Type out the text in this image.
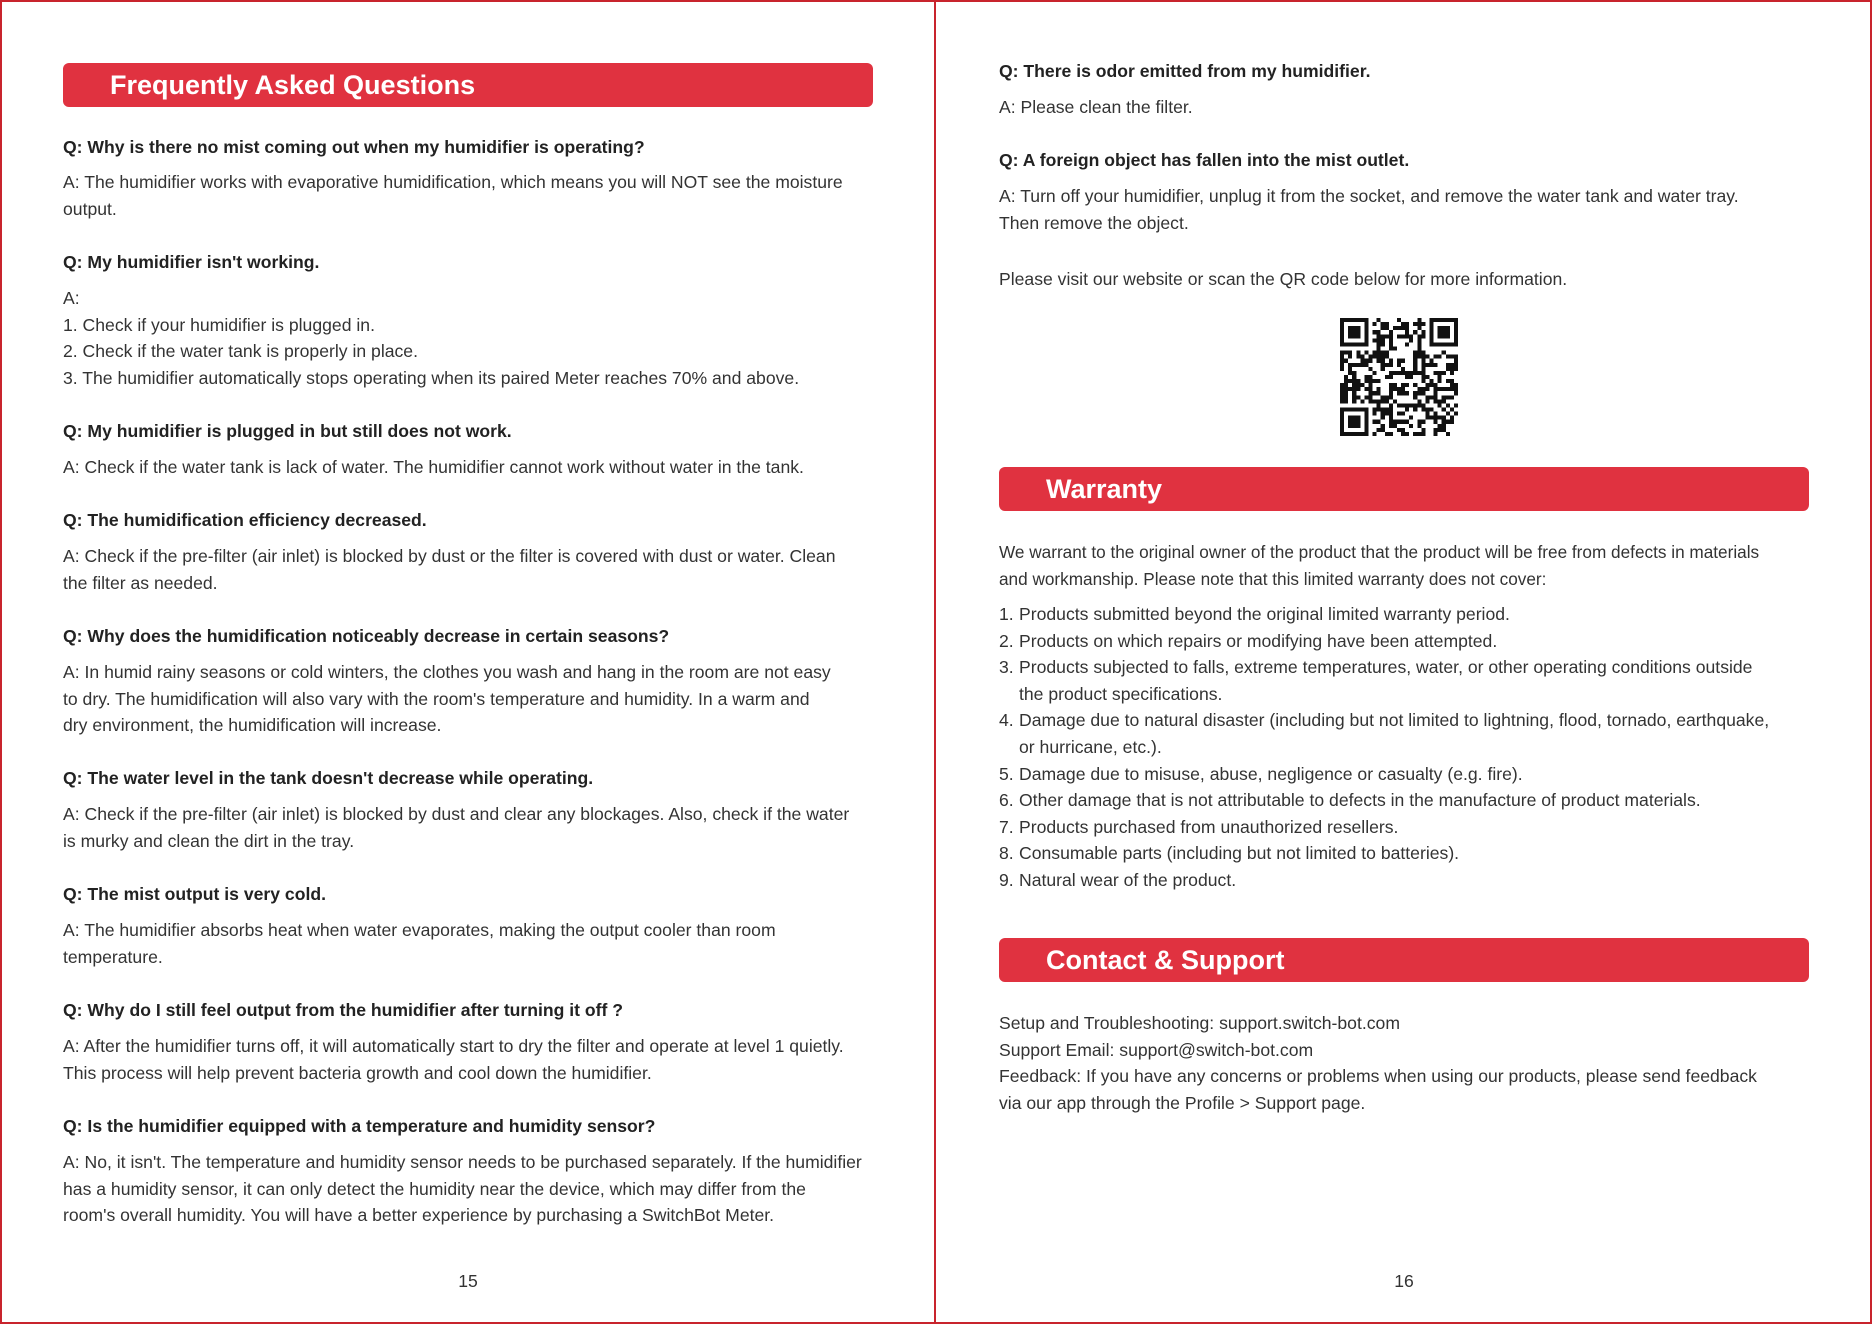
Frequently Asked Questions
Q: Why is there no mist coming out when my humidifier is operating?
A: The humidifier works with evaporative humidification, which means you will NOT see the moisture
output.
Q: My humidifier isn't working.
A:
1. Check if your humidifier is plugged in.
2. Check if the water tank is properly in place.
3. The humidifier automatically stops operating when its paired Meter reaches 70% and above.
Q: My humidifier is plugged in but still does not work.
A: Check if the water tank is lack of water. The humidifier cannot work without water in the tank.
Q: The humidification efficiency decreased.
A: Check if the pre-filter (air inlet) is blocked by dust or the filter is covered with dust or water. Clean
the filter as needed.
Q: Why does the humidification noticeably decrease in certain seasons?
A: In humid rainy seasons or cold winters, the clothes you wash and hang in the room are not easy
to dry. The humidification will also vary with the room's temperature and humidity. In a warm and
dry environment, the humidification will increase.
Q: The water level in the tank doesn't decrease while operating.
A: Check if the pre-filter (air inlet) is blocked by dust and clear any blockages. Also, check if the water
is murky and clean the dirt in the tray.
Q: The mist output is very cold.
A: The humidifier absorbs heat when water evaporates, making the output cooler than room
temperature.
Q: Why do I still feel output from the humidifier after turning it off ?
A: After the humidifier turns off, it will automatically start to dry the filter and operate at level 1 quietly.
This process will help prevent bacteria growth and cool down the humidifier.
Q: Is the humidifier equipped with a temperature and humidity sensor?
A: No, it isn't. The temperature and humidity sensor needs to be purchased separately. If the humidifier
has a humidity sensor, it can only detect the humidity near the device, which may differ from the
room's overall humidity. You will have a better experience by purchasing a SwitchBot Meter.
15
Q: There is odor emitted from my humidifier.
A: Please clean the filter.
Q: A foreign object has fallen into the mist outlet.
A: Turn off your humidifier, unplug it from the socket, and remove the water tank and water tray.
Then remove the object.
Please visit our website or scan the QR code below for more information.
Warranty
We warrant to the original owner of the product that the product will be free from defects in materials
and workmanship. Please note that this limited warranty does not cover:
1. Products submitted beyond the original limited warranty period.
2. Products on which repairs or modifying have been attempted.
3. Products subjected to falls, extreme temperatures, water, or other operating conditions outside
the product specifications.
4. Damage due to natural disaster (including but not limited to lightning, flood, tornado, earthquake,
or hurricane, etc.).
5. Damage due to misuse, abuse, negligence or casualty (e.g. fire).
6. Other damage that is not attributable to defects in the manufacture of product materials.
7. Products purchased from unauthorized resellers.
8. Consumable parts (including but not limited to batteries).
9. Natural wear of the product.
Contact & Support
Setup and Troubleshooting: support.switch-bot.com
Support Email: support@switch-bot.com
Feedback: If you have any concerns or problems when using our products, please send feedback
via our app through the Profile > Support page.
16
